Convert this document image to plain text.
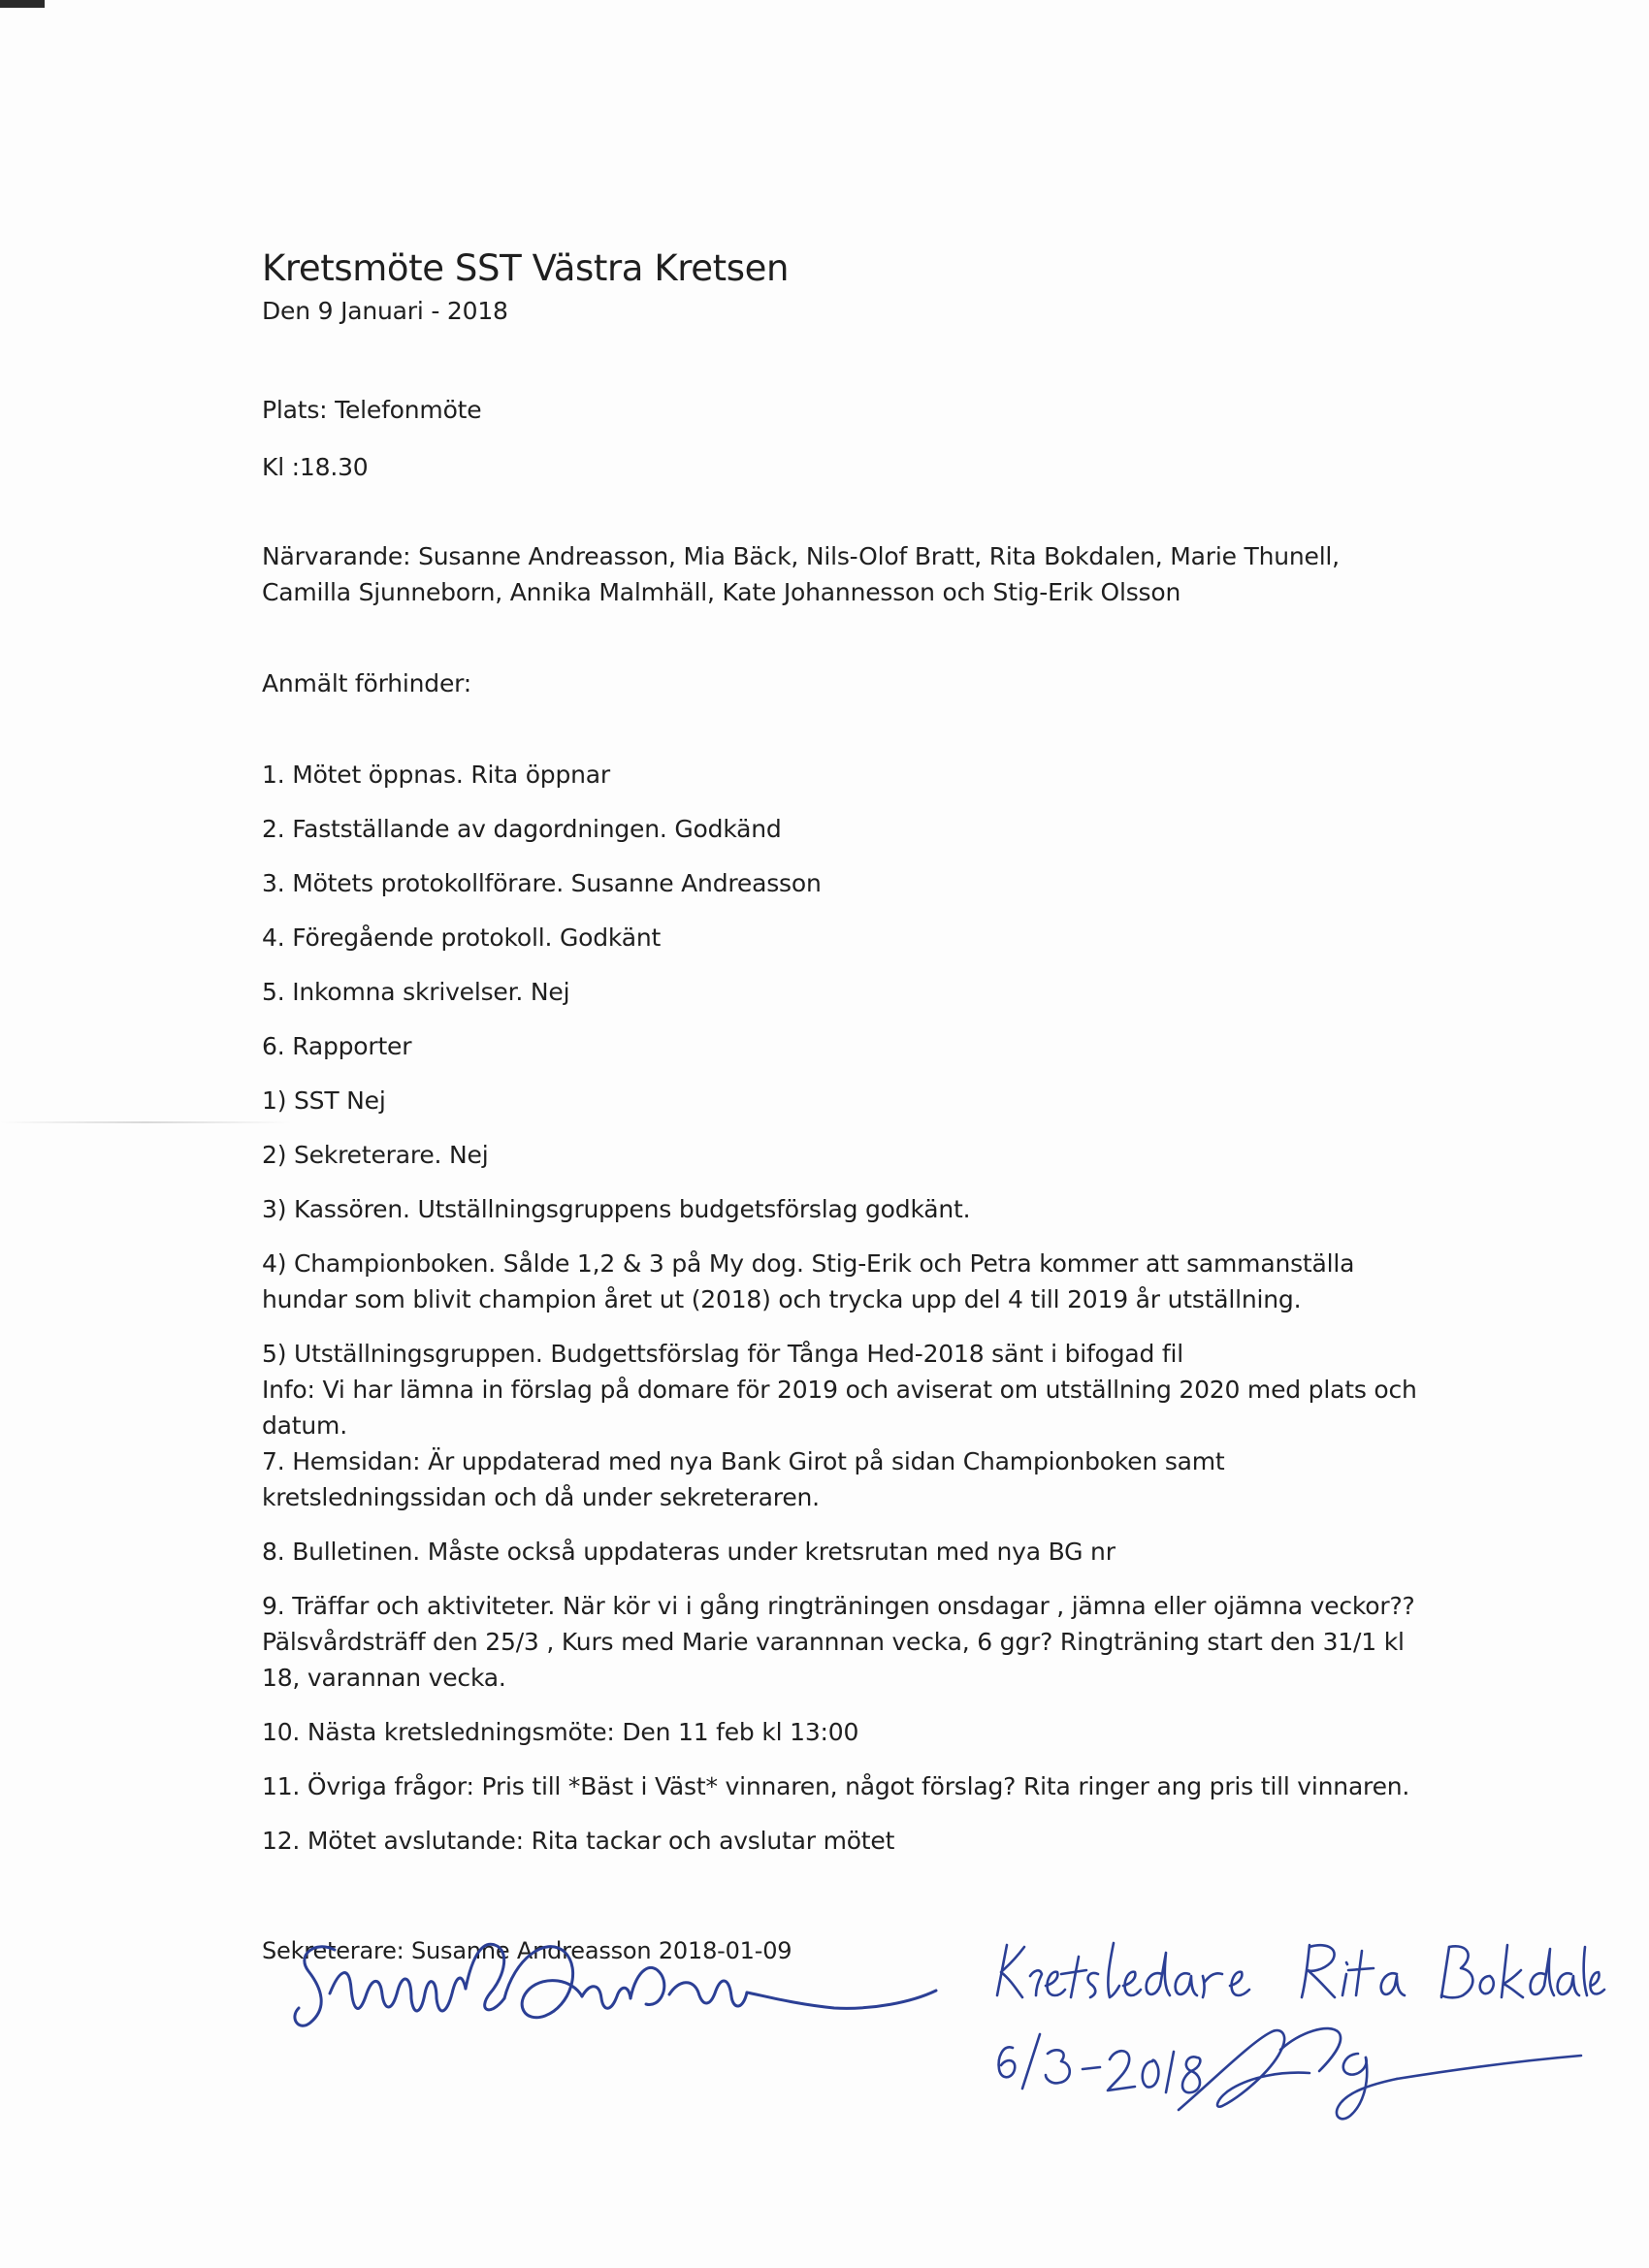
Kretsmöte SST Västra Kretsen
Den 9 Januari - 2018
Plats: Telefonmöte
Kl :18.30
Närvarande: Susanne Andreasson, Mia Bäck, Nils-Olof Bratt, Rita Bokdalen, Marie Thunell,
Camilla Sjunneborn, Annika Malmhäll, Kate Johannesson och Stig-Erik Olsson
Anmält förhinder:
1. Mötet öppnas. Rita öppnar
2. Fastställande av dagordningen. Godkänd
3. Mötets protokollförare. Susanne Andreasson
4. Föregående protokoll. Godkänt
5. Inkomna skrivelser. Nej
6. Rapporter
1) SST Nej
2) Sekreterare. Nej
3) Kassören. Utställningsgruppens budgetsförslag godkänt.
4) Championboken. Sålde 1,2 & 3 på My dog. Stig-Erik och Petra kommer att sammanställa
hundar som blivit champion året ut (2018) och trycka upp del 4 till 2019 år utställning.
5) Utställningsgruppen. Budgettsförslag för Tånga Hed-2018 sänt i bifogad fil
Info: Vi har lämna in förslag på domare för 2019 och aviserat om utställning 2020 med plats och
datum.
7. Hemsidan: Är uppdaterad med nya Bank Girot på sidan Championboken samt
kretsledningssidan och då under sekreteraren.
8. Bulletinen. Måste också uppdateras under kretsrutan med nya BG nr
9. Träffar och aktiviteter. När kör vi i gång ringträningen onsdagar , jämna eller ojämna veckor??
Pälsvårdsträff den 25/3 , Kurs med Marie varannnan vecka, 6 ggr? Ringträning start den 31/1 kl
18, varannan vecka.
10. Nästa kretsledningsmöte: Den 11 feb kl 13:00
11. Övriga frågor: Pris till *Bäst i Väst* vinnaren, något förslag? Rita ringer ang pris till vinnaren.
12. Mötet avslutande: Rita tackar och avslutar mötet
Sekreterare: Susanne Andreasson 2018-01-09
